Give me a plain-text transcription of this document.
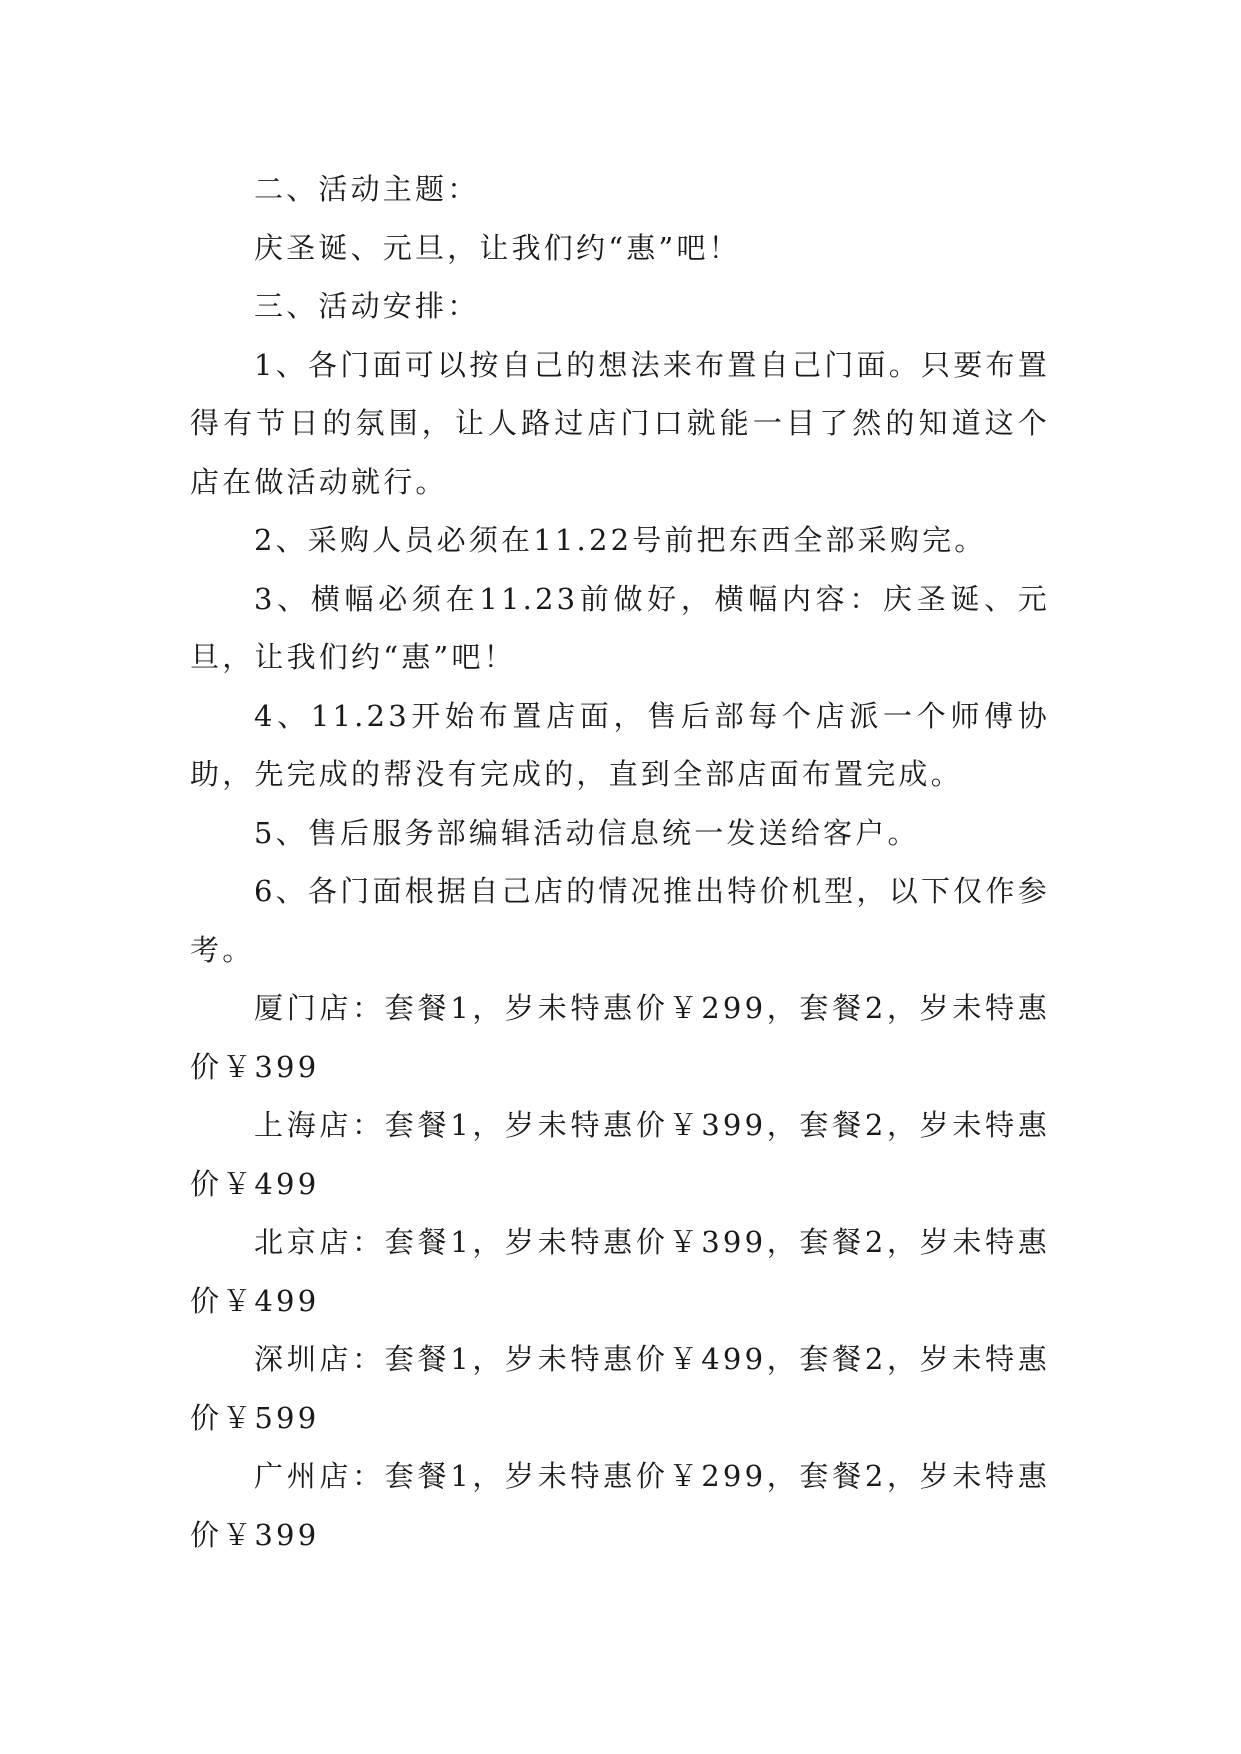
二、活动主题：

庆圣诞、元旦，让我们约“惠”吧！

三、活动安排：

1、各门面可以按自己的想法来布置自己门面。只要布置得有节日的氛围，让人路过店门口就能一目了然的知道这个店在做活动就行。

2、采购人员必须在11.22号前把东西全部采购完。

3、横幅必须在11.23前做好，横幅内容：庆圣诞、元旦，让我们约“惠”吧！

4、11.23开始布置店面，售后部每个店派一个师傅协助，先完成的帮没有完成的，直到全部店面布置完成。

5、售后服务部编辑活动信息统一发送给客户。

6、各门面根据自己店的情况推出特价机型，以下仅作参考。

厦门店：套餐1，岁未特惠价￥299，套餐2，岁未特惠价￥399

上海店：套餐1，岁未特惠价￥399，套餐2，岁未特惠价￥499

北京店：套餐1，岁未特惠价￥399，套餐2，岁未特惠价￥499

深圳店：套餐1，岁未特惠价￥499，套餐2，岁未特惠价￥599

广州店：套餐1，岁未特惠价￥299，套餐2，岁未特惠价￥399
